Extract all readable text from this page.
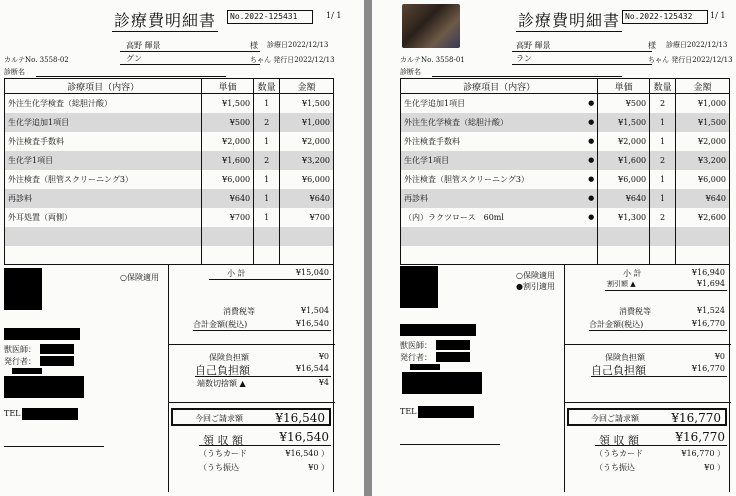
診療費明細書	No.2022-125431	1/ 1
高野 輝景	様 診療日2022/12/13
カルテNo. 3558-02	グン	ちゃん 発行日2022/12/13
診断名
診療項目（内容）	単価	数量	金額
外注生化学検査（総胆汁酸）	¥1,500	1	¥1,500
生化学追加1項目	¥500	2	¥1,000
外注検査手数料	¥2,000	1	¥2,000
生化学1項目	¥1,600	2	¥3,200
外注検査（胆管スクリーニング3）	¥6,000	1	¥6,000
再診料	¥640	1	¥640
外耳処置（両側）	¥700	1	¥700

○保険適用
獣医師：
発行者：
TEL
小 計	¥15,040
消費税等	¥1,504
合計金額(税込)	¥16,540
保険負担額	¥0
自己負担額	¥16,544
端数切捨額 ▲	¥4
今回ご請求額	¥16,540
領 収 額	¥16,540
（うちカード	¥16,540 ）
（うち振込	¥0 ）
診療費明細書 No.2022-125432	1/ 1
高野 輝景	様 診療日2022/12/13
カルテNo. 3558-01	ラン	ちゃん 発行日2022/12/13
診断名
診療項目（内容）	単価	数量	金額
生化学追加1項目 ●	¥500	2	¥1,000
外注生化学検査（総胆汁酸） ●	¥1,500	1	¥1,500
外注検査手数料 ●	¥2,000	1	¥2,000
生化学1項目 ●	¥1,600	2	¥3,200
外注検査（胆管スクリーニング3） ●	¥6,000	1	¥6,000
再診料 ●	¥640	1	¥640
（内）ラクツロース　60ml ●	¥1,300	2	¥2,600

○保険適用
●割引適用
獣医師：
発行者：
TEL
小 計	¥16,940
割引額 ▲	¥1,694
消費税等	¥1,524
合計金額(税込)	¥16,770
保険負担額	¥0
自己負担額	¥16,770
今回ご請求額	¥16,770
領 収 額	¥16,770
（うちカード	¥16,770 ）
（うち振込	¥0 ）
